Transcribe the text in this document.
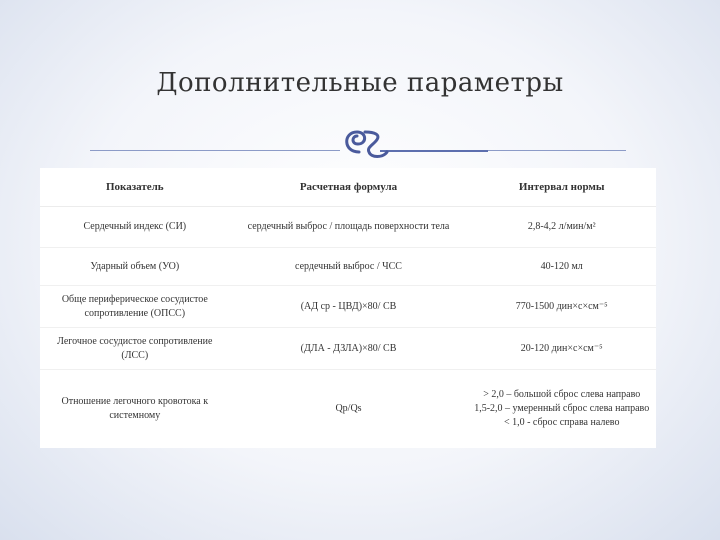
Дополнительные параметры
Показатель	Расчетная формула	Интервал нормы
Сердечный индекс (СИ)	сердечный выброс / площадь поверхности тела	2,8-4,2 л/мин/м²
Ударный объем (УО)	сердечный выброс / ЧСС	40-120 мл
Обще периферическое сосудистое сопротивление (ОПСС)	(АД ср - ЦВД)×80/ СВ	770-1500 дин×с×см⁻⁵
Легочное сосудистое сопротивление (ЛСС)	(ДЛА - ДЗЛА)×80/ СВ	20-120 дин×с×см⁻⁵
Отношение легочного кровотока к системному	Qp/Qs	> 2,0 – большой сброс слева направо
1,5-2,0 – умеренный сброс слева направо
< 1,0 - сброс справа налево
